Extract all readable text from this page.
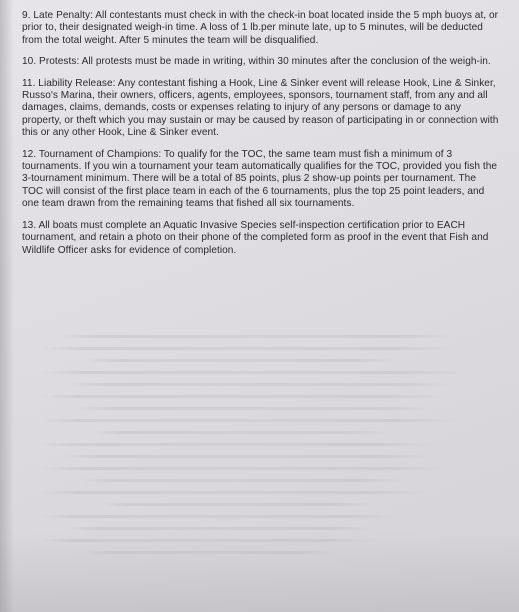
9. Late Penalty: All contestants must check in with the check-in boat located inside the 5 mph buoys at, or prior to, their designated weigh-in time. A loss of 1 lb.per minute late, up to 5 minutes, will be deducted from the total weight. After 5 minutes the team will be disqualified.

10. Protests: All protests must be made in writing, within 30 minutes after the conclusion of the weigh-in.

11. Liability Release: Any contestant fishing a Hook, Line & Sinker event will release Hook, Line & Sinker, Russo's Marina, their owners, officers, agents, employees, sponsors, tournament staff, from any and all damages, claims, demands, costs or expenses relating to injury of any persons or damage to any property, or theft which you may sustain or may be caused by reason of participating in or connection with this or any other Hook, Line & Sinker event.

12. Tournament of Champions: To qualify for the TOC, the same team must fish a minimum of 3 tournaments. If you win a tournament your team automatically qualifies for the TOC, provided you fish the 3-tournament minimum. There will be a total of 85 points, plus 2 show-up points per tournament. The TOC will consist of the first place team in each of the 6 tournaments, plus the top 25 point leaders, and one team drawn from the remaining teams that fished all six tournaments.

13. All boats must complete an Aquatic Invasive Species self-inspection certification prior to EACH tournament, and retain a photo on their phone of the completed form as proof in the event that Fish and Wildlife Officer asks for evidence of completion.
